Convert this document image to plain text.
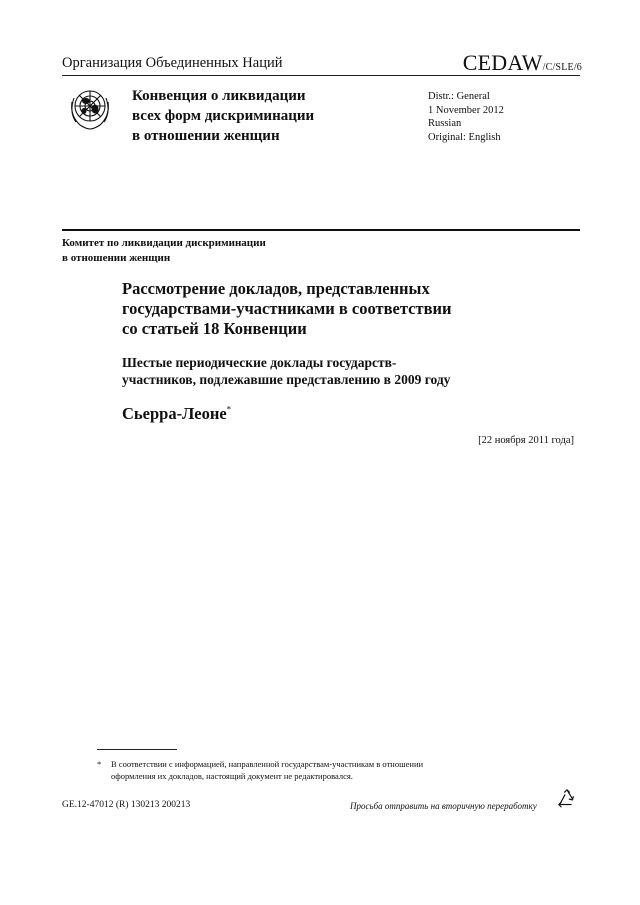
Организация Объединенных Наций	CEDAW/C/SLE/6
Конвенция о ликвидации
всех форм дискриминации
в отношении женщин
Distr.: General
1 November 2012
Russian
Original: English
Комитет по ликвидации дискриминации
в отношении женщин
Рассмотрение докладов, представленных
государствами-участниками в соответствии
со статьей 18 Конвенции
Шестые периодические доклады государств-
участников, подлежавшие представлению в 2009 году
Сьерра-Леоне*
[22 ноября 2011 года]
* В соответствии с информацией, направленной государствам-участникам в отношении
оформления их докладов, настоящий документ не редактировался.
GE.12-47012 (R) 130213 200213	Просьба отправить на вторичную переработку
